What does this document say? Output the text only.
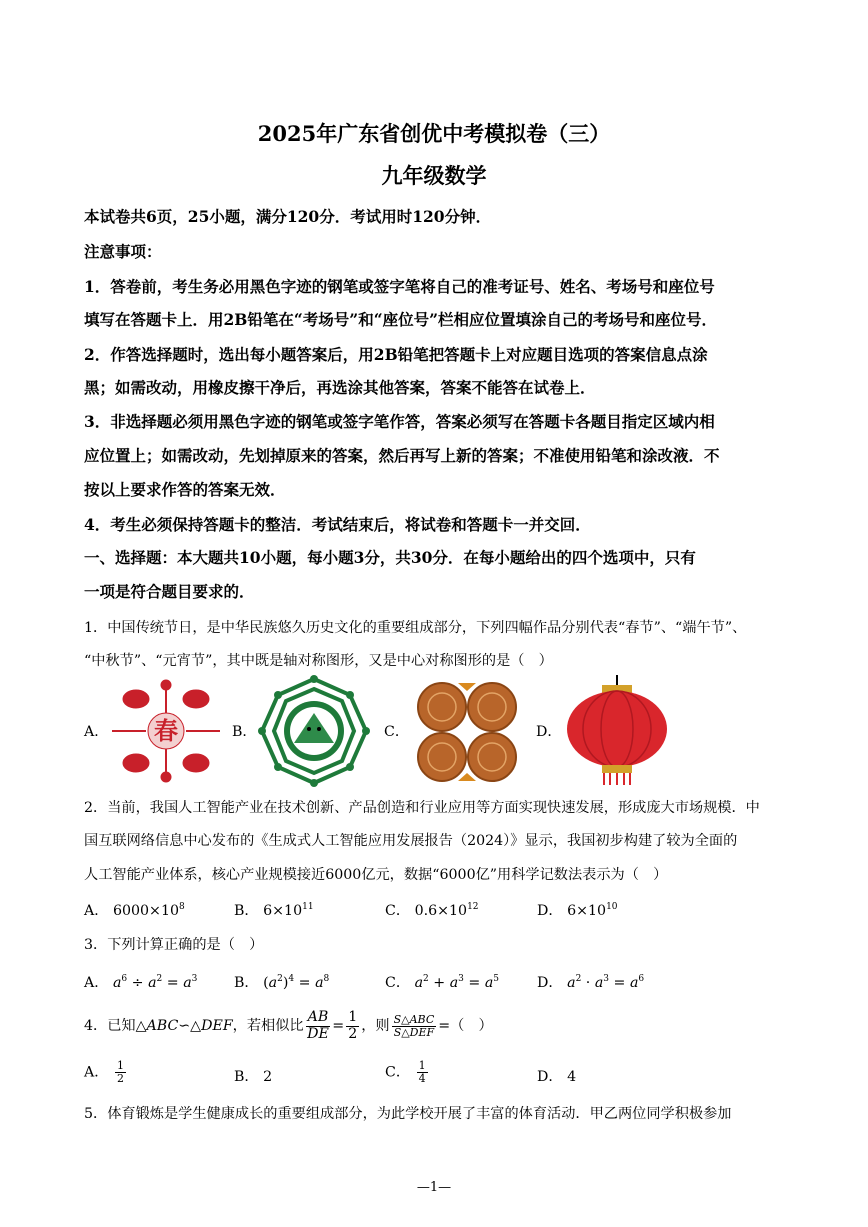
2025年广东省创优中考模拟卷（三）
九年级数学
本试卷共6页，25小题，满分120分．考试用时120分钟．
注意事项：
1．答卷前，考生务必用黑色字迹的钢笔或签字笔将自己的准考证号、姓名、考场号和座位号
填写在答题卡上．用2B铅笔在“考场号”和“座位号”栏相应位置填涂自己的考场号和座位号．
2．作答选择题时，选出每小题答案后，用2B铅笔把答题卡上对应题目选项的答案信息点涂
黑；如需改动，用橡皮擦干净后，再选涂其他答案，答案不能答在试卷上．
3．非选择题必须用黑色字迹的钢笔或签字笔作答，答案必须写在答题卡各题目指定区域内相
应位置上；如需改动，先划掉原来的答案，然后再写上新的答案；不准使用铅笔和涂改液．不
按以上要求作答的答案无效．
4．考生必须保持答题卡的整洁．考试结束后，将试卷和答题卡一并交回．
一、选择题：本大题共10小题，每小题3分，共30分．在每小题给出的四个选项中，只有
一项是符合题目要求的．
1．中国传统节日，是中华民族悠久历史文化的重要组成部分，下列四幅作品分别代表“春节”、“端午节”、
“中秋节”、“元宵节”，其中既是轴对称图形，又是中心对称图形的是（　）
A． 春	B．	C．	D．
2．当前，我国人工智能产业在技术创新、产品创造和行业应用等方面实现快速发展，形成庞大市场规模．中
国互联网络信息中心发布的《生成式人工智能应用发展报告（2024）》显示，我国初步构建了较为全面的
人工智能产业体系，核心产业规模接近6000亿元，数据“6000亿”用科学记数法表示为（　）
A． $6000\times 10^8$	B． $6\times 10^{11}$	C． $0.6\times 10^{12}$	D． $6\times 10^{10}$
3．下列计算正确的是（　）
A． $a^6 \div a^2 = a^3$	B． $(a^2)^4 = a^8$	C． $a^2 + a^3 = a^5$	D． $a^2 \cdot a^3 = a^6$
4．已知△ABC∽△DEF，若相似比 $\frac{AB}{DE} = \frac{1}{2}$ ，则 $\frac{\text{S△ABC}}{\text{S△DEF}}$ =（　）
A． $\frac{1}{2}$	B． 2	C． $\frac{1}{4}$	D． 4
5．体育锻炼是学生健康成长的重要组成部分，为此学校开展了丰富的体育活动．甲乙两位同学积极参加
—1—
